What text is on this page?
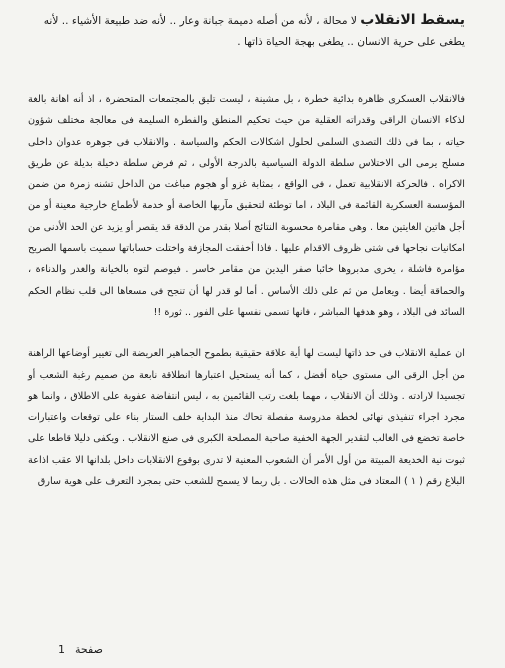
يسقط الانقلاب لا محالة ، لأنه من أصله دميمة جبانة وعار .. لأنه ضد طبيعة الأشياء .. لأنه يطغى على حرية الانسان .. يطغى بهجة الحياة ذاتها .

فالانقلاب العسكرى ظاهرة بدائية خطرة ، بل مشينة ، ليست تليق بالمجتمعات المتحضرة ، اذ أنه اهانة بالغة لذكاء الانسان الراقى وقدراته العقلية من حيث تحكيم المنطق والفطرة السليمة فى معالجة مختلف شؤون حياته ، بما فى ذلك التصدى السلمى لحلول اشكالات الحكم والسياسة . والانقلاب فى جوهره عدوان داخلى مسلح يرمى الى الاختلاس سلطة الدولة السياسية بالدرجة الأولى ، ثم فرض سلطة دخيلة بديلة عن طريق الاكراه . فالحركة الانقلابية تعمل ، فى الواقع ، بمثابة غزو أو هجوم مباغت من الداخل تشنه زمرة من ضمن المؤسسة العسكرية القائمة فى البلاد ، اما توطئة لتحقيق مآربها الخاصة أو خدمة لأطماع خارجية معينة أو من أجل هاتين الغايتين معا . وهى مقامرة محسوبة النتائج أصلا بقدر من الدقة قد يقصر أو يزيد عن الحد الأدنى من امكانيات نجاحها فى شتى ظروف الاقدام عليها . فاذا أخفقت المجازفة واختلت حساباتها سميت باسمها الصريح مؤامرة فاشلة ، يخرى مدبروها خائبا صفر اليدين من مقامر خاسر . فيوصم لتوه بالخيانة والغدر والدناءة ، والحماقة أيضا . ويعامل من ثم على ذلك الأساس . أما لو قدر لها أن تنجح فى مسعاها الى قلب نظام الحكم السائد فى البلاد ، وهو هدفها المباشر ، فانها تسمى نفسها على الفور .. ثورة !!

ان عملية الانقلاب فى حد ذاتها ليست لها أية علاقة حقيقية بطموح الجماهير العريضة الى تغيير أوضاعها الراهنة من أجل الرقى الى مستوى حياة أفضل ، كما أنه يستحيل اعتبارها انطلاقة نابعة من صميم رغبة الشعب أو تجسيدا لارادته . وذلك أن الانقلاب ، مهما بلغت رتب القائمين به ، ليس انتفاضة عفوية على الاطلاق ، وانما هو مجرد اجراء تنفيذى نهائى لخطة مدروسة مفصلة تحاك منذ البداية خلف الستار بناء على توقعات واعتبارات خاصة تخضع فى الغالب لتقدير الجهة الخفية صاحبة المصلحة الكبرى فى صنع الانقلاب . ويكفى دليلا قاطعا على ثبوت نية الخديعة المبيتة من أول الأمر أن الشعوب المعنية لا تدرى بوقوع الانقلابات داخل بلدانها الا عقب اذاعة البلاغ رقم ( ١ ) المعتاد فى مثل هذه الحالات . بل ربما لا يسمح للشعب حتى بمجرد التعرف على هوية سارق

صفحة
1
